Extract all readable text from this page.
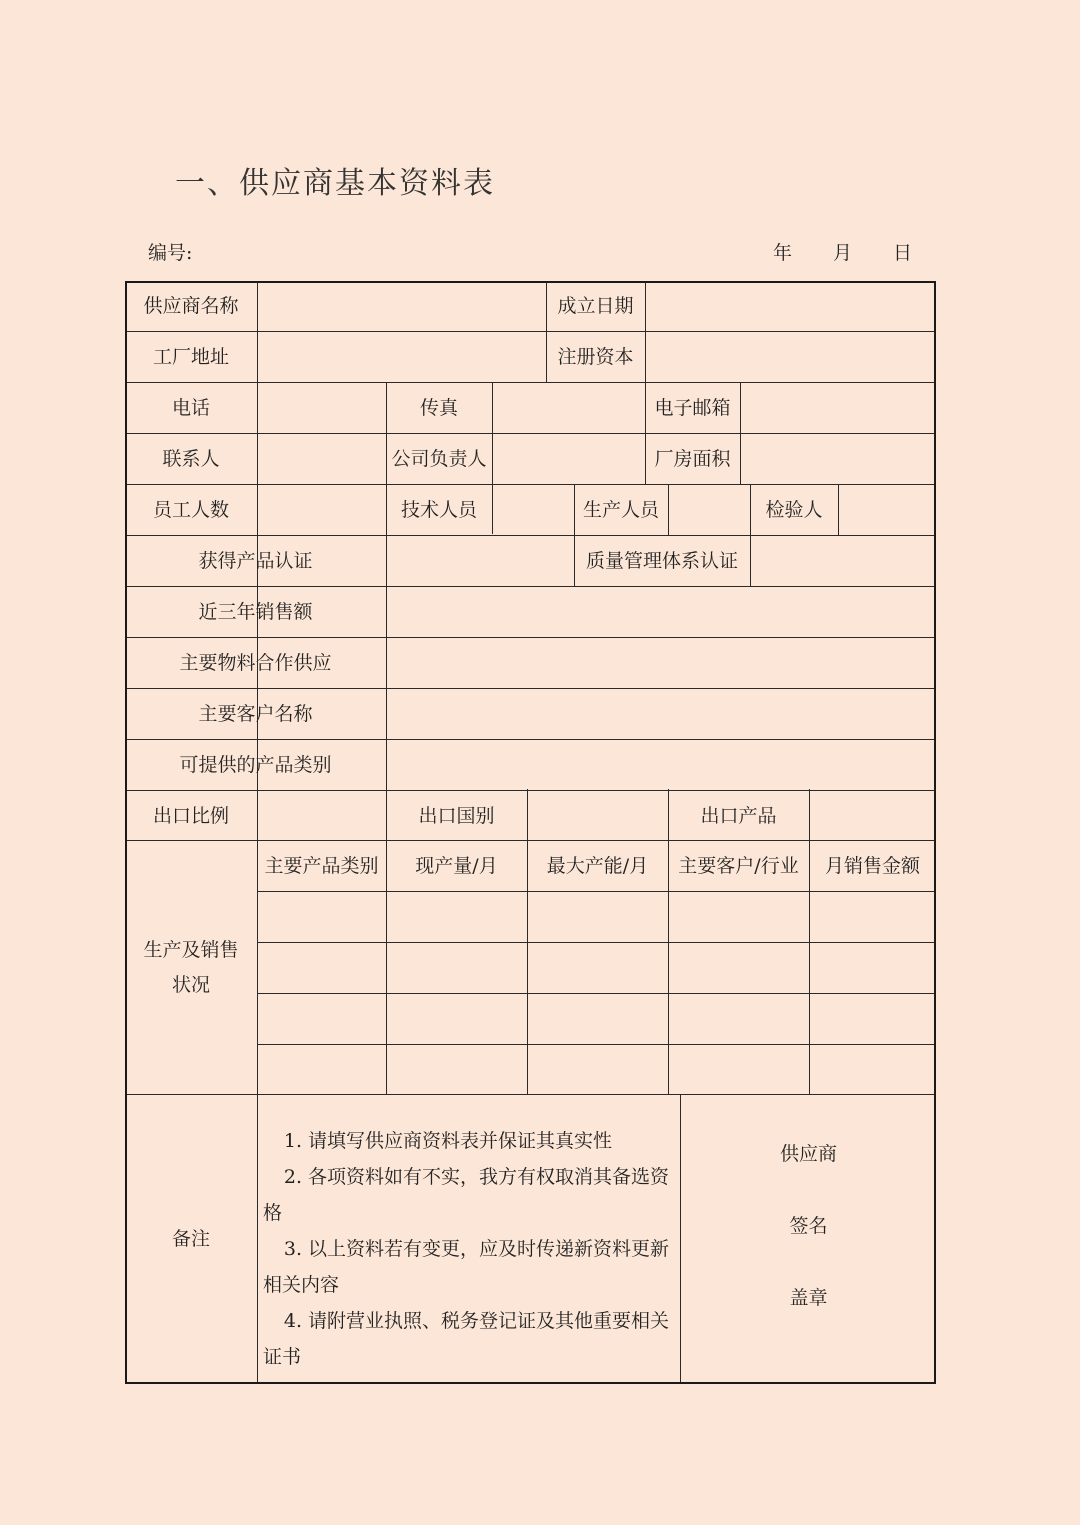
一、供应商基本资料表
编号:	年 月 日
供应商名称	成立日期
工厂地址	注册资本
电话	传真	电子邮箱
联系人	公司负责人	厂房面积
员工人数	技术人员	生产人员	检验人
获得产品认证	质量管理体系认证
近三年销售额
主要物料合作供应
主要客户名称
可提供的产品类别
出口比例	出口国别	出口产品
生产及销售状况
主要产品类别	现产量/月	最大产能/月	主要客户/行业	月销售金额
备注

1. 请填写供应商资料表并保证其真实性

2. 各项资料如有不实，我方有权取消其备选资格

3. 以上资料若有变更，应及时传递新资料更新相关内容

4. 请附营业执照、税务登记证及其他重要相关证书

供应商
签名
盖章
